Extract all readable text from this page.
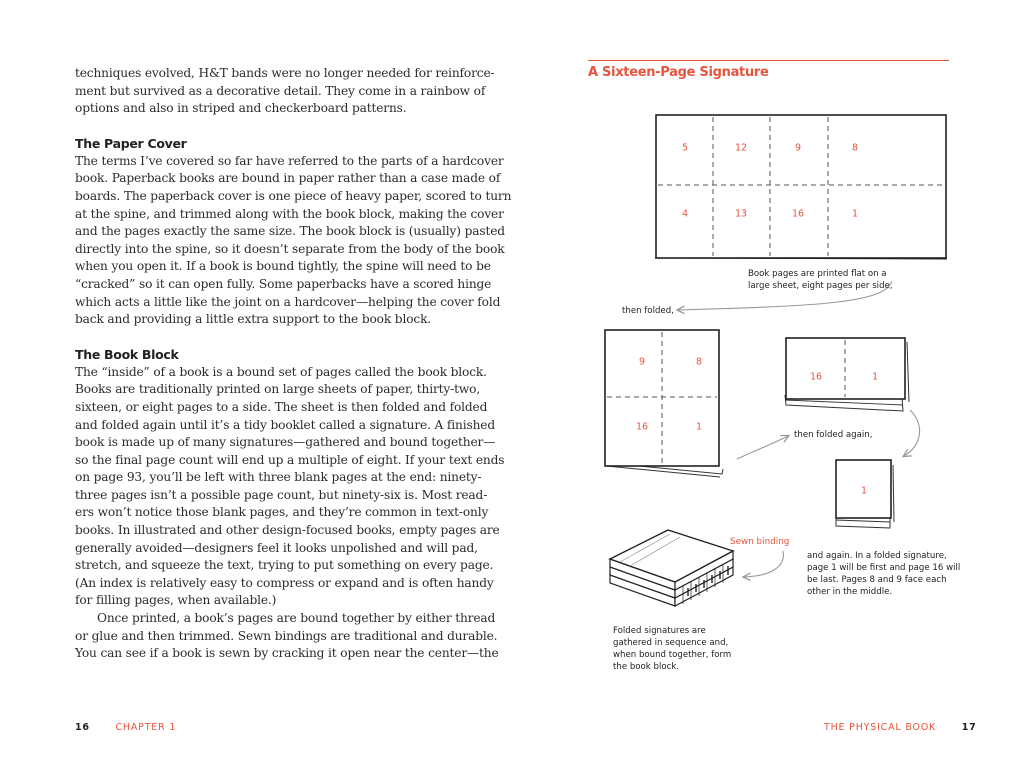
techniques evolved, H&T bands were no longer needed for reinforce-
ment but survived as a decorative detail. They come in a rainbow of
options and also in striped and checkerboard patterns.
The Paper Cover
The terms I’ve covered so far have referred to the parts of a hardcover
book. Paperback books are bound in paper rather than a case made of
boards. The paperback cover is one piece of heavy paper, scored to turn
at the spine, and trimmed along with the book block, making the cover
and the pages exactly the same size. The book block is (usually) pasted
directly into the spine, so it doesn’t separate from the body of the book
when you open it. If a book is bound tightly, the spine will need to be
“cracked” so it can open fully. Some paperbacks have a scored hinge
which acts a little like the joint on a hardcover—helping the cover fold
back and providing a little extra support to the book block.
The Book Block
The “inside” of a book is a bound set of pages called the book block.
Books are traditionally printed on large sheets of paper, thirty-two,
sixteen, or eight pages to a side. The sheet is then folded and folded
and folded again until it’s a tidy booklet called a signature. A finished
book is made up of many signatures—gathered and bound together—
so the final page count will end up a multiple of eight. If your text ends
on page 93, you’ll be left with three blank pages at the end: ninety-
three pages isn’t a possible page count, but ninety-six is. Most read-
ers won’t notice those blank pages, and they’re common in text-only
books. In illustrated and other design-focused books, empty pages are
generally avoided—designers feel it looks unpolished and will pad,
stretch, and squeeze the text, trying to put something on every page.
(An index is relatively easy to compress or expand and is often handy
for filling pages, when available.)
Once printed, a book’s pages are bound together by either thread
or glue and then trimmed. Sewn bindings are traditional and durable.
You can see if a book is sewn by cracking it open near the center—the
16	CHAPTER 1
A Sixteen-Page Signature
5	12	9	8
4	13	16	1
9	8
16	1
16	1
1
Book pages are printed flat on a
large sheet, eight pages per side,
then folded,
then folded again,
and again. In a folded signature,
page 1 will be first and page 16 will
be last. Pages 8 and 9 face each
other in the middle.
Folded signatures are
gathered in sequence and,
when bound together, form
the book block.
Sewn binding
THE PHYSICAL BOOK	17
